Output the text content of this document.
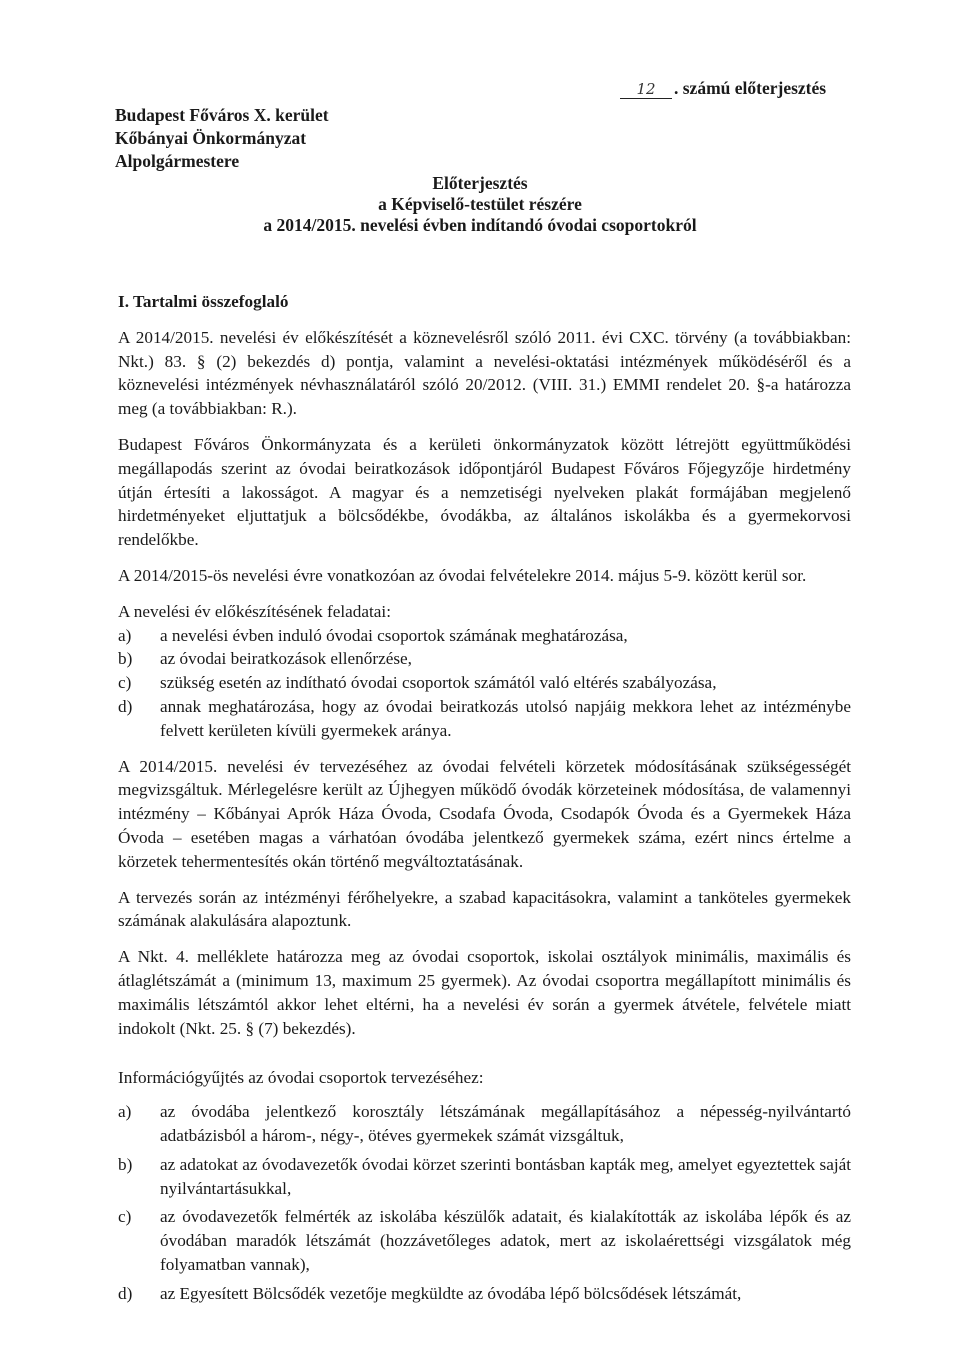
Budapest Főváros X. kerület
Kőbányai Önkormányzat
Alpolgármestere
12 . számú előterjesztés
Előterjesztés
a Képviselő-testület részére
a 2014/2015. nevelési évben indítandó óvodai csoportokról
I. Tartalmi összefoglaló

A 2014/2015. nevelési év előkészítését a köznevelésről szóló 2011. évi CXC. törvény (a továbbiakban: Nkt.) 83. § (2) bekezdés d) pontja, valamint a nevelési-oktatási intézmények működéséről és a köznevelési intézmények névhasználatáról szóló 20/2012. (VIII. 31.) EMMI rendelet 20. §-a határozza meg (a továbbiakban: R.).

Budapest Főváros Önkormányzata és a kerületi önkormányzatok között létrejött együttműködési megállapodás szerint az óvodai beiratkozások időpontjáról Budapest Főváros Főjegyzője hirdetmény útján értesíti a lakosságot. A magyar és a nemzetiségi nyelveken plakát formájában megjelenő hirdetményeket eljuttatjuk a bölcsődékbe, óvodákba, az általános iskolákba és a gyermekorvosi rendelőkbe.

A 2014/2015-ös nevelési évre vonatkozóan az óvodai felvételekre 2014. május 5-9. között kerül sor.

A nevelési év előkészítésének feladatai:
a) a nevelési évben induló óvodai csoportok számának meghatározása,
b) az óvodai beiratkozások ellenőrzése,
c) szükség esetén az indítható óvodai csoportok számától való eltérés szabályozása,
d) annak meghatározása, hogy az óvodai beiratkozás utolsó napjáig mekkora lehet az intézménybe felvett kerületen kívüli gyermekek aránya.

A 2014/2015. nevelési év tervezéséhez az óvodai felvételi körzetek módosításának szükségességét megvizsgáltuk. Mérlegelésre került az Újhegyen működő óvodák körzeteinek módosítása, de valamennyi intézmény – Kőbányai Aprók Háza Óvoda, Csodafa Óvoda, Csodapók Óvoda és a Gyermekek Háza Óvoda – esetében magas a várhatóan óvodába jelentkező gyermekek száma, ezért nincs értelme a körzetek tehermentesítés okán történő megváltoztatásának.

A tervezés során az intézményi férőhelyekre, a szabad kapacitásokra, valamint a tanköteles gyermekek számának alakulására alapoztunk.

A Nkt. 4. melléklete határozza meg az óvodai csoportok, iskolai osztályok minimális, maximális és átlaglétszámát a (minimum 13, maximum 25 gyermek). Az óvodai csoportra megállapított minimális és maximális létszámtól akkor lehet eltérni, ha a nevelési év során a gyermek átvétele, felvétele miatt indokolt (Nkt. 25. § (7) bekezdés).

Információgyűjtés az óvodai csoportok tervezéséhez:
a) az óvodába jelentkező korosztály létszámának megállapításához a népesség-nyilvántartó adatbázisból a három-, négy-, ötéves gyermekek számát vizsgáltuk,
b) az adatokat az óvodavezetők óvodai körzet szerinti bontásban kapták meg, amelyet egyeztettek saját nyilvántartásukkal,
c) az óvodavezetők felmérték az iskolába készülők adatait, és kialakították az iskolába lépők és az óvodában maradók létszámát (hozzávetőleges adatok, mert az iskolaérettségi vizsgálatok még folyamatban vannak),
d) az Egyesített Bölcsődék vezetője megküldte az óvodába lépő bölcsődések létszámát,
